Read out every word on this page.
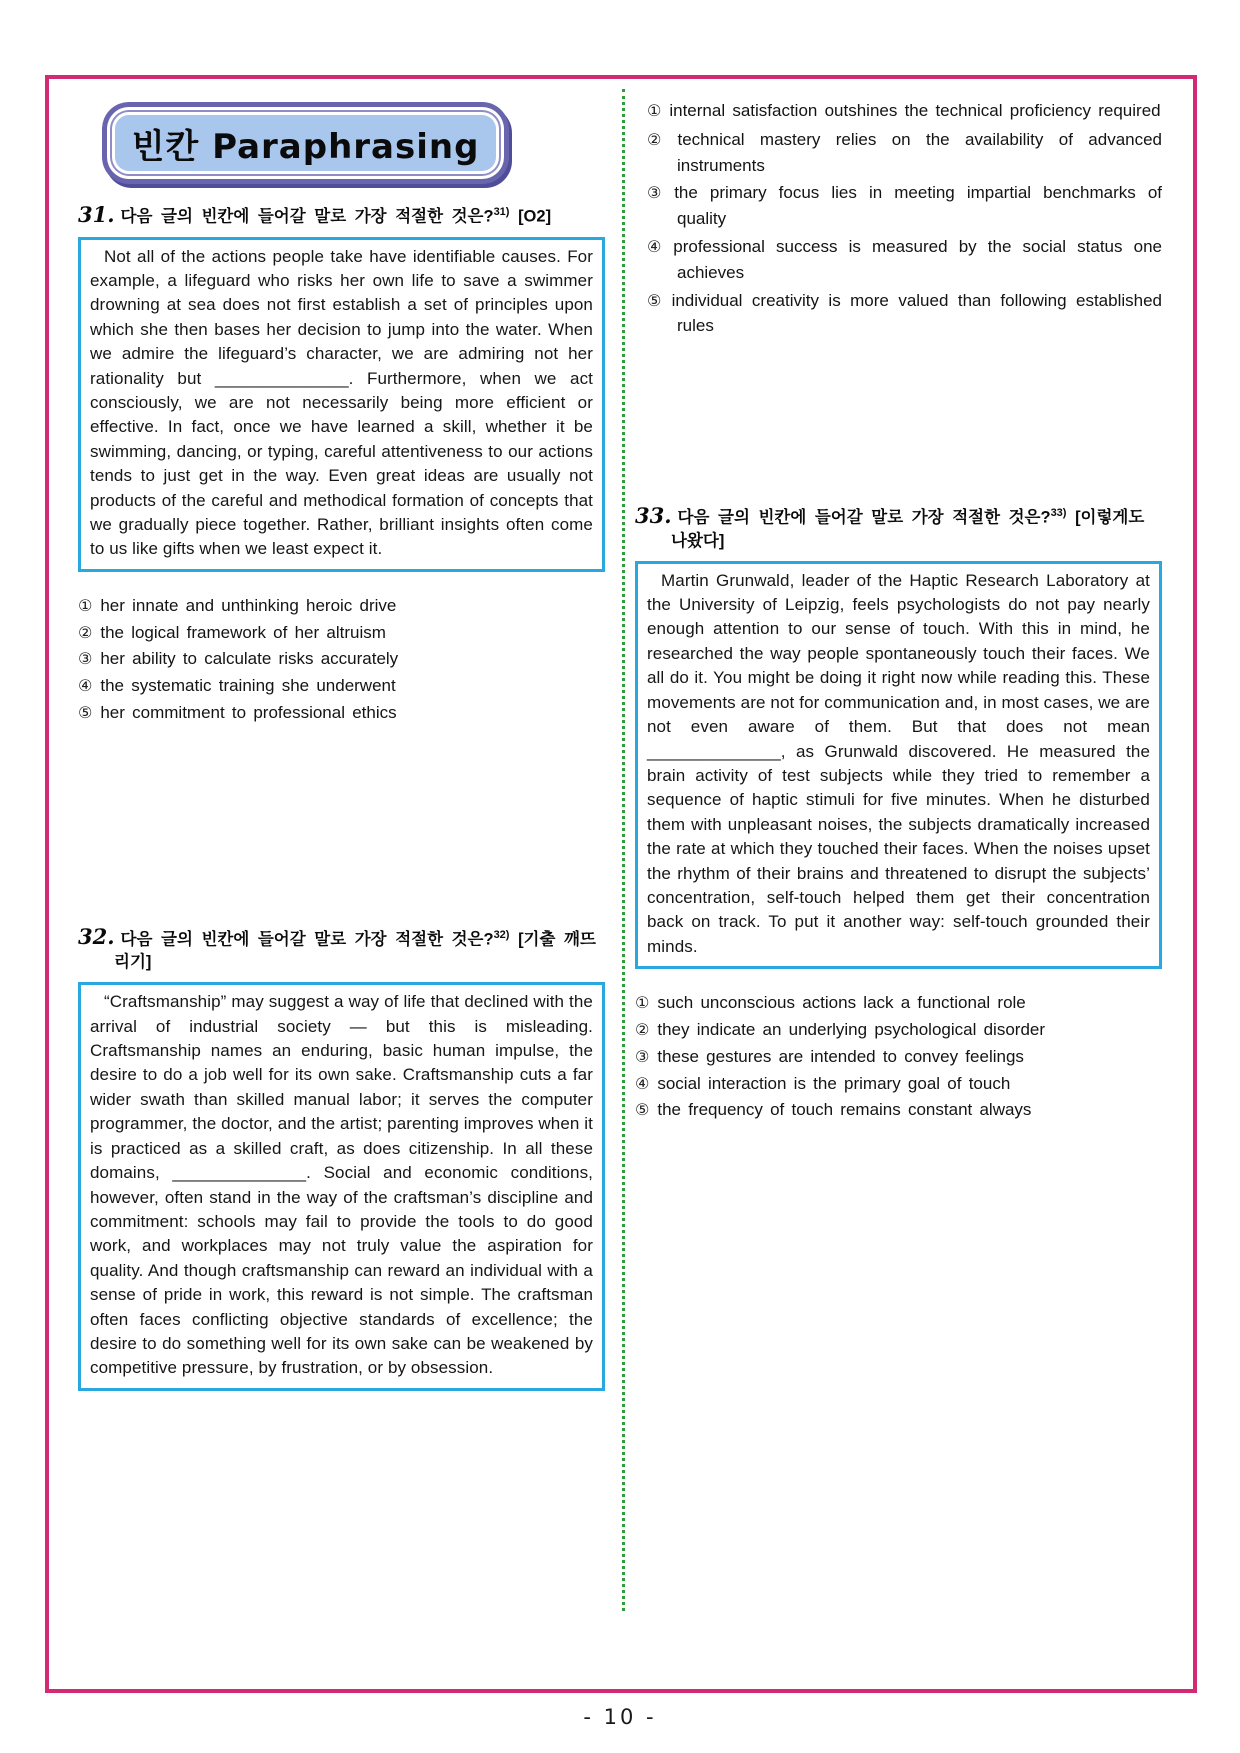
빈칸 Paraphrasing
31. 다음 글의 빈칸에 들어갈 말로 가장 적절한 것은?$^{31)}$ [O2]
Not all of the actions people take have identifiable causes. For example, a lifeguard who risks her own life to save a swimmer drowning at sea does not first establish a set of principles upon which she then bases her decision to jump into the water. When we admire the lifeguard’s character, we are admiring not her rationality but ______________. Furthermore, when we act consciously, we are not necessarily being more efficient or effective. In fact, once we have learned a skill, whether it be swimming, dancing, or typing, careful attentiveness to our actions tends to just get in the way. Even great ideas are usually not products of the careful and methodical formation of concepts that we gradually piece together. Rather, brilliant insights often come to us like gifts when we least expect it.
① her innate and unthinking heroic drive
② the logical framework of her altruism
③ her ability to calculate risks accurately
④ the systematic training she underwent
⑤ her commitment to professional ethics
32. 다음 글의 빈칸에 들어갈 말로 가장 적절한 것은?$^{32)}$ [기출 깨뜨리기]
“Craftsmanship” may suggest a way of life that declined with the arrival of industrial society — but this is misleading. Craftsmanship names an enduring, basic human impulse, the desire to do a job well for its own sake. Craftsmanship cuts a far wider swath than skilled manual labor; it serves the computer programmer, the doctor, and the artist; parenting improves when it is practiced as a skilled craft, as does citizenship. In all these domains, ______________. Social and economic conditions, however, often stand in the way of the craftsman’s discipline and commitment: schools may fail to provide the tools to do good work, and workplaces may not truly value the aspiration for quality. And though craftsmanship can reward an individual with a sense of pride in work, this reward is not simple. The craftsman often faces conflicting objective standards of excellence; the desire to do something well for its own sake can be weakened by competitive pressure, by frustration, or by obsession.
① internal satisfaction outshines the technical proficiency required
② technical mastery relies on the availability of advanced instruments
③ the primary focus lies in meeting impartial benchmarks of quality
④ professional success is measured by the social status one achieves
⑤ individual creativity is more valued than following established rules
33. 다음 글의 빈칸에 들어갈 말로 가장 적절한 것은?$^{33)}$ [이렇게도 나왔다]
Martin Grunwald, leader of the Haptic Research Laboratory at the University of Leipzig, feels psychologists do not pay nearly enough attention to our sense of touch. With this in mind, he researched the way people spontaneously touch their faces. We all do it. You might be doing it right now while reading this. These movements are not for communication and, in most cases, we are not even aware of them. But that does not mean ______________, as Grunwald discovered. He measured the brain activity of test subjects while they tried to remember a sequence of haptic stimuli for five minutes. When he disturbed them with unpleasant noises, the subjects dramatically increased the rate at which they touched their faces. When the noises upset the rhythm of their brains and threatened to disrupt the subjects’ concentration, self-touch helped them get their concentration back on track. To put it another way: self-touch grounded their minds.
① such unconscious actions lack a functional role
② they indicate an underlying psychological disorder
③ these gestures are intended to convey feelings
④ social interaction is the primary goal of touch
⑤ the frequency of touch remains constant always
- 10 -
